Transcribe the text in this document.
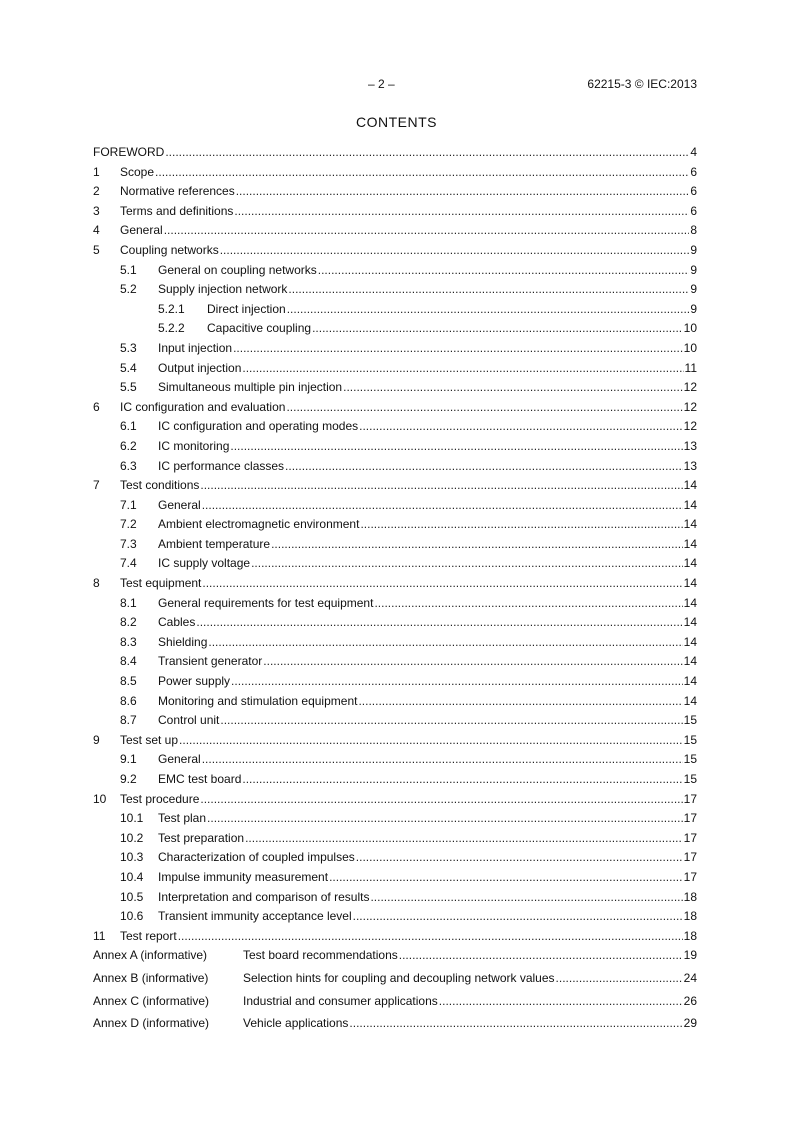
– 2 –	62215-3 © IEC:2013
CONTENTS
FOREWORD .....	4
1	Scope .....	6
2	Normative references .....	6
3	Terms and definitions .....	6
4	General .....	8
5	Coupling networks .....	9
5.1	General on coupling networks .....	9
5.2	Supply injection network .....	9
5.2.1	Direct injection .....	9
5.2.2	Capacitive coupling .....	10
5.3	Input injection .....	10
5.4	Output injection .....	11
5.5	Simultaneous multiple pin injection .....	12
6	IC configuration and evaluation .....	12
6.1	IC configuration and operating modes .....	12
6.2	IC monitoring .....	13
6.3	IC performance classes .....	13
7	Test conditions .....	14
7.1	General .....	14
7.2	Ambient electromagnetic environment .....	14
7.3	Ambient temperature .....	14
7.4	IC supply voltage .....	14
8	Test equipment .....	14
8.1	General requirements for test equipment .....	14
8.2	Cables .....	14
8.3	Shielding .....	14
8.4	Transient generator .....	14
8.5	Power supply .....	14
8.6	Monitoring and stimulation equipment .....	14
8.7	Control unit .....	15
9	Test set up .....	15
9.1	General .....	15
9.2	EMC test board .....	15
10	Test procedure .....	17
10.1	Test plan .....	17
10.2	Test preparation .....	17
10.3	Characterization of coupled impulses .....	17
10.4	Impulse immunity measurement .....	17
10.5	Interpretation and comparison of results .....	18
10.6	Transient immunity acceptance level .....	18
11	Test report .....	18
Annex A (informative)	Test board recommendations .....	19
Annex B (informative)	Selection hints for coupling and decoupling network values .....	24
Annex C (informative)	Industrial and consumer applications .....	26
Annex D (informative)	Vehicle applications .....	29
